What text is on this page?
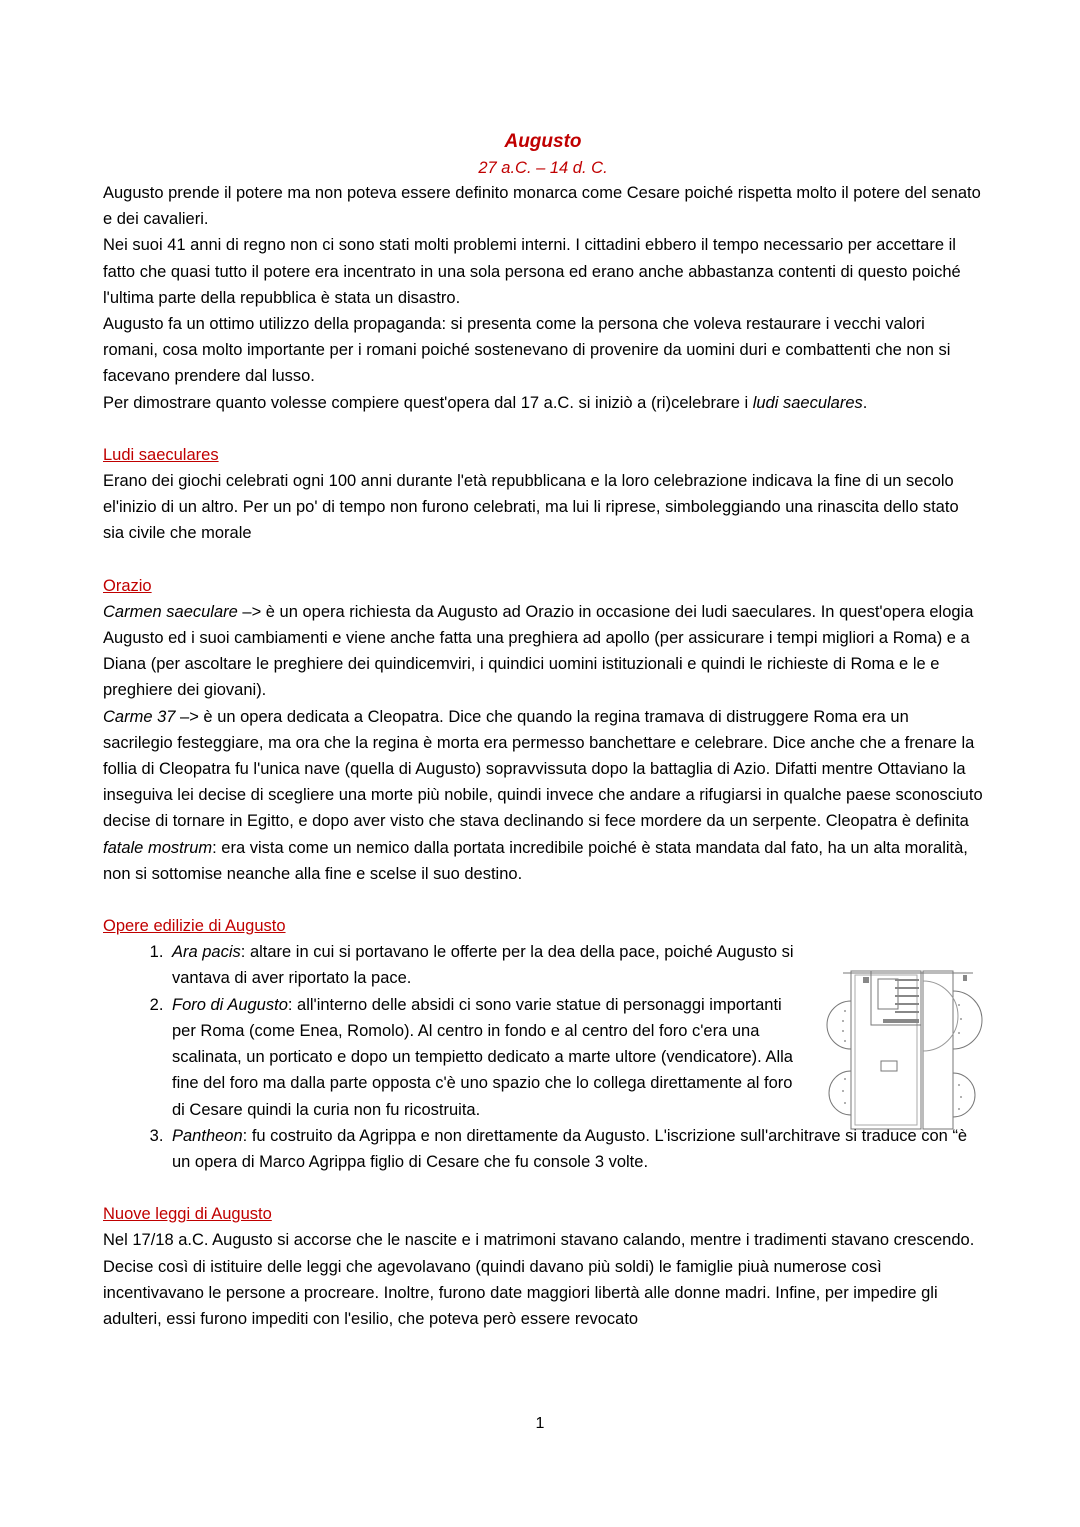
Augusto

27 a.C. – 14 d. C.

Augusto prende il potere ma non poteva essere definito monarca come Cesare poiché rispetta molto il potere del senato e dei cavalieri.

Nei suoi 41 anni di regno non ci sono stati molti problemi interni. I cittadini ebbero il tempo necessario per accettare il fatto che quasi tutto il potere era incentrato in una sola persona ed erano anche abbastanza contenti di questo poiché l'ultima parte della repubblica è stata un disastro.

Augusto fa un ottimo utilizzo della propaganda: si presenta come la persona che voleva restaurare i vecchi valori romani, cosa molto importante per i romani poiché sostenevano di provenire da uomini duri e combattenti che non si facevano prendere dal lusso.

Per dimostrare quanto volesse compiere quest'opera dal 17 a.C. si iniziò a (ri)celebrare i ludi saeculares.

Ludi saeculares

Erano dei giochi celebrati ogni 100 anni durante l'età repubblicana e la loro celebrazione indicava la fine di un secolo el'inizio di un altro. Per un po' di tempo non furono celebrati, ma lui li riprese, simboleggiando una rinascita dello stato sia civile che morale

Orazio

Carmen saeculare –> è un opera richiesta da Augusto ad Orazio in occasione dei ludi saeculares. In quest'opera elogia Augusto ed i suoi cambiamenti e viene anche fatta una preghiera ad apollo (per assicurare i tempi migliori a Roma) e a Diana (per ascoltare le preghiere dei quindicemviri, i quindici uomini istituzionali e quindi le richieste di Roma e le e preghiere dei giovani).

Carme 37 –> è un opera dedicata a Cleopatra. Dice che quando la regina tramava di distruggere Roma era un sacrilegio festeggiare, ma ora che la regina è morta era permesso banchettare e celebrare. Dice anche che a frenare la follia di Cleopatra fu l'unica nave (quella di Augusto) sopravvissuta dopo la battaglia di Azio. Difatti mentre Ottaviano la inseguiva lei decise di scegliere una morte più nobile, quindi invece che andare a rifugiarsi in qualche paese sconosciuto decise di tornare in Egitto, e dopo aver visto che stava declinando si fece mordere da un serpente. Cleopatra è definita fatale mostrum: era vista come un nemico dalla portata incredibile poiché è stata mandata dal fato, ha un alta moralità, non si sottomise neanche alla fine e scelse il suo destino.

Opere edilizie di Augusto

1. Ara pacis: altare in cui si portavano le offerte per la dea della pace, poiché Augusto si vantava di aver riportato la pace.
2. Foro di Augusto: all'interno delle absidi ci sono varie statue di personaggi importanti per Roma (come Enea, Romolo). Al centro in fondo e al centro del foro c'era una scalinata, un porticato e dopo un tempietto dedicato a marte ultore (vendicatore). Alla fine del foro ma dalla parte opposta c'è uno spazio che lo collega direttamente al foro di Cesare quindi la curia non fu ricostruita.
3. Pantheon: fu costruito da Agrippa e non direttamente da Augusto. L'iscrizione sull'architrave si traduce con “è un opera di Marco Agrippa figlio di Cesare che fu console 3 volte.

Nuove leggi di Augusto

Nel 17/18 a.C. Augusto si accorse che le nascite e i matrimoni stavano calando, mentre i tradimenti stavano crescendo. Decise così di istituire delle leggi che agevolavano (quindi davano più soldi) le famiglie piuà numerose così incentivavano le persone a procreare. Inoltre, furono date maggiori libertà alle donne madri. Infine, per impedire gli adulteri, essi furono impediti con l'esilio, che poteva però essere revocato

1
